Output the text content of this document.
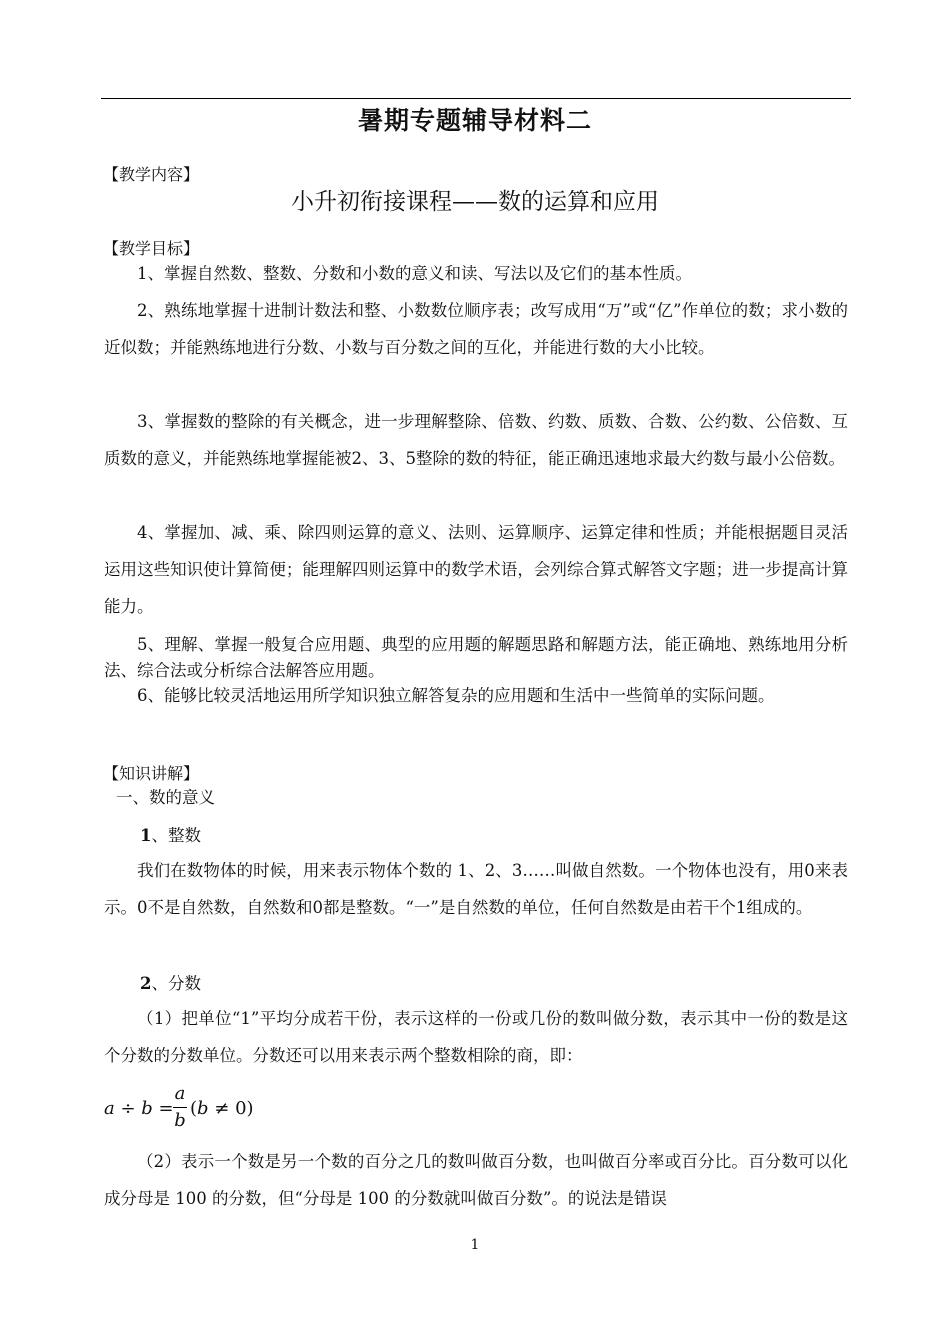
暑期专题辅导材料二
【教学内容】
小升初衔接课程——数的运算和应用
【教学目标】
1、掌握自然数、整数、分数和小数的意义和读、写法以及它们的基本性质。
2、熟练地掌握十进制计数法和整、小数数位顺序表；改写成用“万”或“亿”作单位的数；求小数的近似数；并能熟练地进行分数、小数与百分数之间的互化，并能进行数的大小比较。
3、掌握数的整除的有关概念，进一步理解整除、倍数、约数、质数、合数、公约数、公倍数、互质数的意义，并能熟练地掌握能被2、3、5整除的数的特征，能正确迅速地求最大约数与最小公倍数。
4、掌握加、减、乘、除四则运算的意义、法则、运算顺序、运算定律和性质；并能根据题目灵活运用这些知识使计算简便；能理解四则运算中的数学术语，会列综合算式解答文字题；进一步提高计算能力。
5、理解、掌握一般复合应用题、典型的应用题的解题思路和解题方法，能正确地、熟练地用分析法、综合法或分析综合法解答应用题。
6、能够比较灵活地运用所学知识独立解答复杂的应用题和生活中一些简单的实际问题。
【知识讲解】
一、数的意义
1、整数
我们在数物体的时候，用来表示物体个数的 1、2、3……叫做自然数。一个物体也没有，用0来表示。0不是自然数，自然数和0都是整数。“一”是自然数的单位，任何自然数是由若干个1组成的。
2、分数
（1）把单位“1”平均分成若干份，表示这样的一份或几份的数叫做分数，表示其中一份的数是这个分数的分数单位。分数还可以用来表示两个整数相除的商，即：
a ÷ b =
a
b
(b ≠ 0)
（2）表示一个数是另一个数的百分之几的数叫做百分数，也叫做百分率或百分比。百分数可以化成分母是 100 的分数，但“分母是 100 的分数就叫做百分数”。的说法是错误
1
